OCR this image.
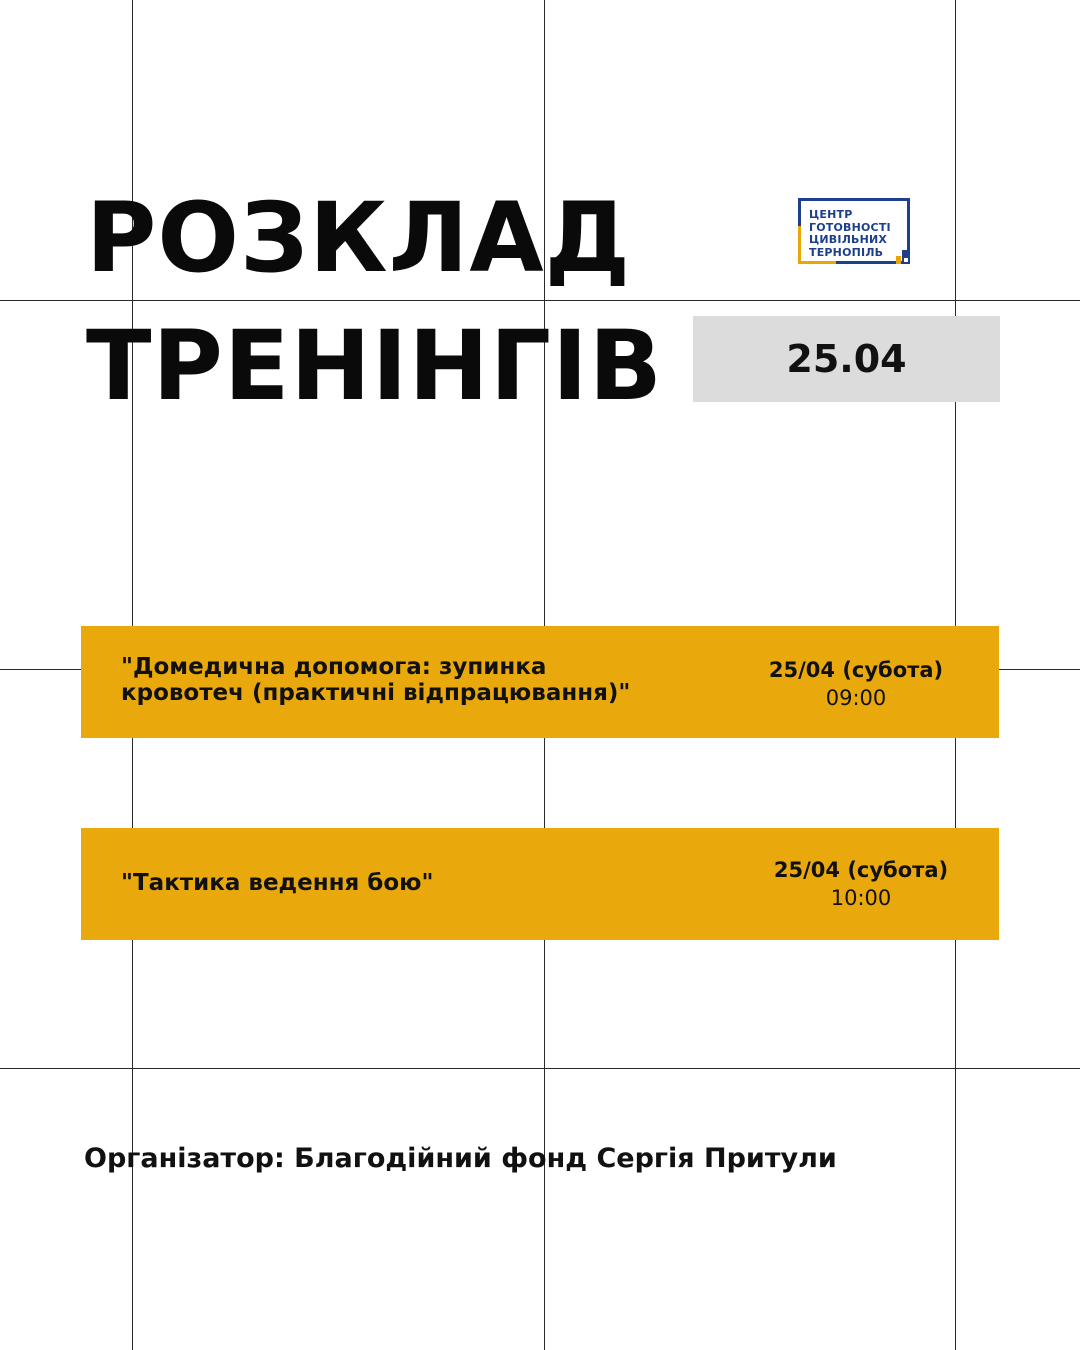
РОЗКЛАД
ТРЕНІНГІВ
ЦЕНТР
ГОТОВНОСТІ
ЦИВІЛЬНИХ
ТЕРНОПІЛЬ
25.04
"Домедична допомога: зупинка
кровотеч (практичні відпрацювання)"
25/04 (субота)
09:00
"Тактика ведення бою"	25/04 (субота)
10:00
Організатор: Благодійний фонд Сергія Притули
